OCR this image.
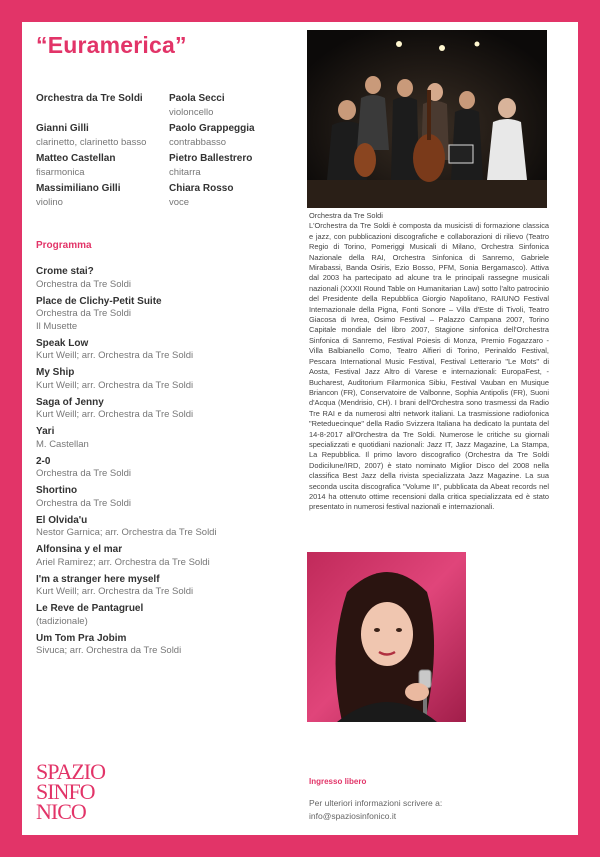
“Euramerica”
Orchestra da Tre Soldi	Paola Secci
violoncello
Gianni Gilli
clarinetto, clarinetto basso
Paolo Grappeggia
contrabbasso
Matteo Castellan
fisarmonica
Pietro Ballestrero
chitarra
Massimiliano Gilli
violino
Chiara Rosso
voce
Programma
Crome stai?
Orchestra da Tre Soldi
Place de Clichy-Petit Suite
Orchestra da Tre Soldi
Il Musette
Speak Low
Kurt Weill; arr. Orchestra da Tre Soldi
My Ship
Kurt Weill; arr. Orchestra da Tre Soldi
Saga of Jenny
Kurt Weill; arr. Orchestra da Tre Soldi
Yari
M. Castellan
2-0
Orchestra da Tre Soldi
Shortino
Orchestra da Tre Soldi
El Olvida'u
Nestor Garnica; arr. Orchestra da Tre Soldi
Alfonsina y el mar
Ariel Ramirez; arr. Orchestra da Tre Soldi
I'm a stranger here myself
Kurt Weill; arr. Orchestra da Tre Soldi
Le Reve de Pantagruel
(tadizionale)
Um Tom Pra Jobim
Sivuca; arr. Orchestra da Tre Soldi
Orchestra da Tre Soldi
L'Orchestra da Tre Soldi è composta da musicisti di formazione classica e jazz, con pubblicazioni discografiche e collaborazioni di rilievo (Teatro Regio di Torino, Pomeriggi Musicali di Milano, Orchestra Sinfonica Nazionale della RAI, Orchestra Sinfonica di Sanremo, Gabriele Mirabassi, Banda Osiris, Ezio Bosso, PFM, Sonia Bergamasco). Attiva dal 2003 ha partecipato ad alcune tra le principali rassegne musicali nazionali (XXXII Round Table on Humanitarian Law) sotto l'alto patrocinio del Presidente della Repubblica Giorgio Napolitano, RAIUNO Festival Internazionale della Pigna, Fonti Sonore – Villa d'Este di Tivoli, Teatro Giacosa di Ivrea, Osimo Festival – Palazzo Campana 2007, Torino Capitale mondiale del libro 2007, Stagione sinfonica dell'Orchestra Sinfonica di Sanremo, Festival Poiesis di Monza, Premio Fogazzaro - Villa Balbianello Como, Teatro Alfieri di Torino, Perinaldo Festival, Pescara International Music Festival, Festival Letterario "Le Mots" di Aosta, Festival Jazz Altro di Varese e internazionali: EuropaFest, - Bucharest, Auditorium Filarmonica Sibiu, Festival Vauban en Musique Briancon (FR), Conservatoire de Valbonne, Sophia Antipolis (FR), Suoni d'Acqua (Mendrisio, CH). I brani dell'Orchestra sono trasmessi da Radio Tre RAI e da numerosi altri network italiani. La trasmissione radiofonica "Reteduecinque" della Radio Svizzera Italiana ha dedicato la puntata del 14-8-2017 all'Orchestra da Tre Soldi. Numerose le critiche su giornali specializzati e quotidiani nazionali: Jazz IT, Jazz Magazine, La Stampa, La Repubblica. Il primo lavoro discografico (Orchestra da Tre Soldi Dodicilune/IRD, 2007) è stato nominato Miglior Disco del 2008 nella classifica Best Jazz della rivista specializzata Jazz Magazine. La sua seconda uscita discografica "Volume II", pubblicata da Abeat records nel 2014 ha ottenuto ottime recensioni dalla critica specializzata ed è stato presentato in numerosi festival nazionali e internazionali.
SPAZIO
SINFO
NICO
Ingresso libero
Per ulteriori informazioni scrivere a:
info@spaziosinfonico.it
